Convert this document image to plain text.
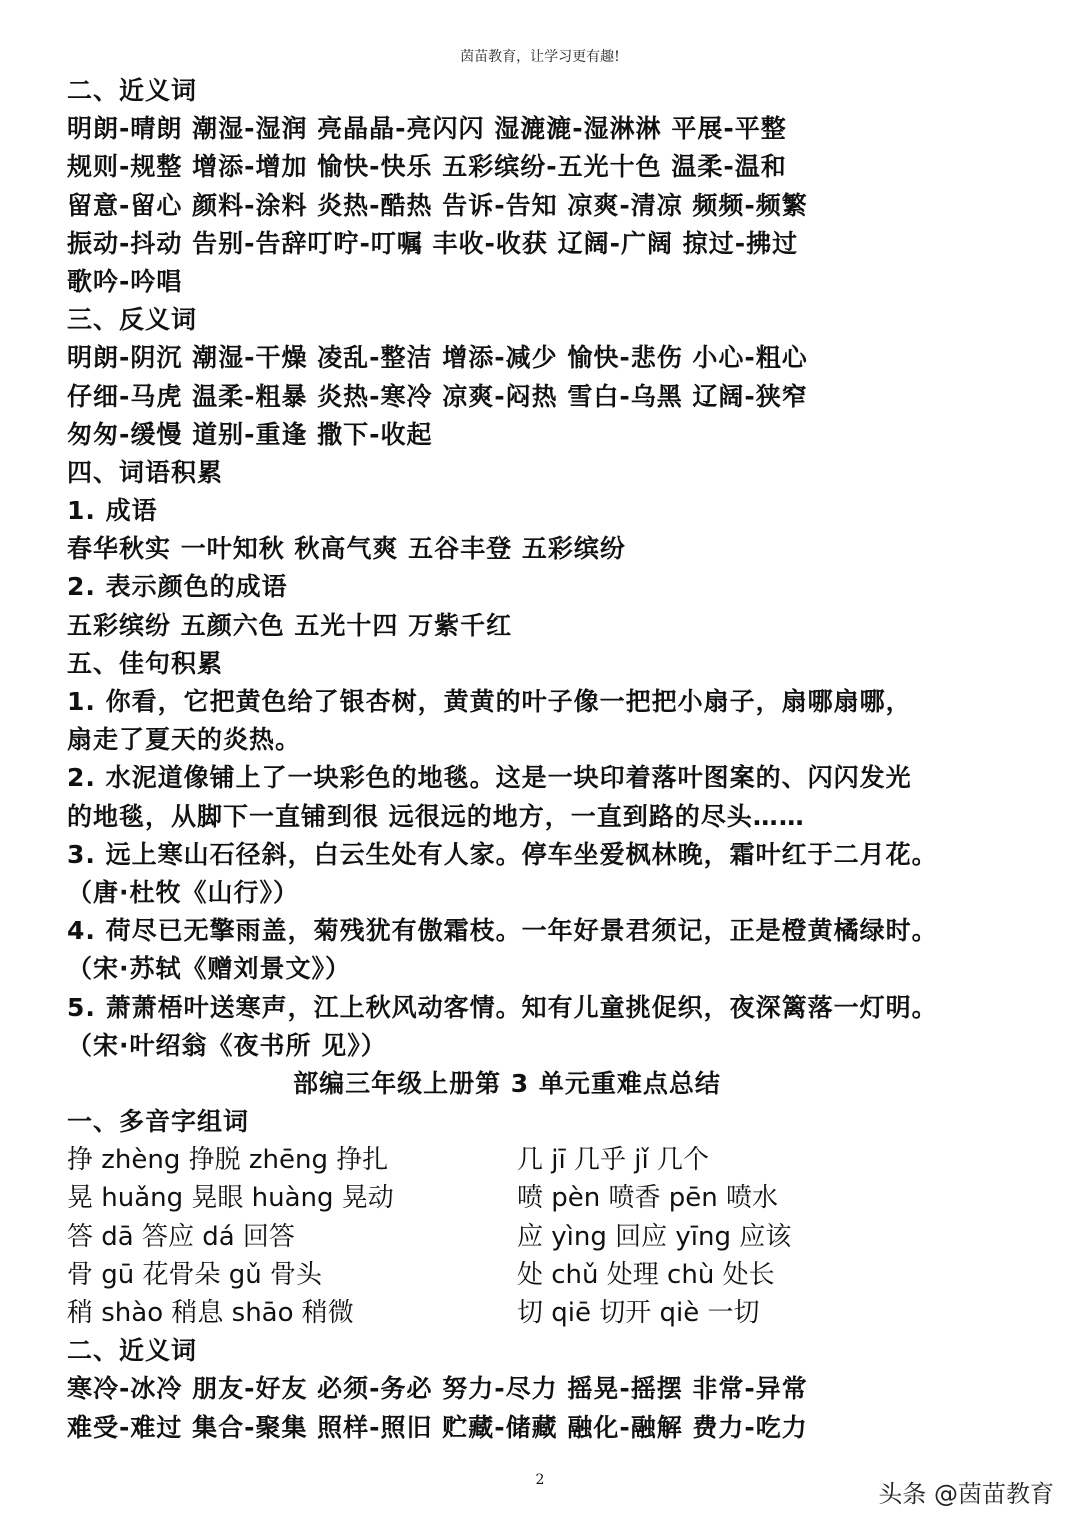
茵苗教育，让学习更有趣!
二、近义词
明朗-晴朗 潮湿-湿润 亮晶晶-亮闪闪 湿漉漉-湿淋淋 平展-平整
规则-规整 增添-增加 愉快-快乐 五彩缤纷-五光十色 温柔-温和
留意-留心 颜料-涂料 炎热-酷热 告诉-告知 凉爽-清凉 频频-频繁
振动-抖动 告别-告辞叮咛-叮嘱 丰收-收获 辽阔-广阔 掠过-拂过
歌吟-吟唱
三、反义词
明朗-阴沉 潮湿-干燥 凌乱-整洁 增添-减少 愉快-悲伤 小心-粗心
仔细-马虎 温柔-粗暴 炎热-寒冷 凉爽-闷热 雪白-乌黑 辽阔-狭窄
匆匆-缓慢 道别-重逢 撒下-收起
四、词语积累
1. 成语
春华秋实 一叶知秋 秋高气爽 五谷丰登 五彩缤纷
2. 表示颜色的成语
五彩缤纷 五颜六色 五光十四 万紫千红
五、佳句积累
1. 你看，它把黄色给了银杏树，黄黄的叶子像一把把小扇子，扇哪扇哪，
扇走了夏天的炎热。
2. 水泥道像铺上了一块彩色的地毯。这是一块印着落叶图案的、闪闪发光
的地毯，从脚下一直铺到很 远很远的地方，一直到路的尽头……
3. 远上寒山石径斜，白云生处有人家。停车坐爱枫林晚，霜叶红于二月花。
（唐·杜牧《山行》）
4. 荷尽已无擎雨盖，菊残犹有傲霜枝。一年好景君须记，正是橙黄橘绿时。
（宋·苏轼《赠刘景文》）
5. 萧萧梧叶送寒声，江上秋风动客情。知有儿童挑促织，夜深篱落一灯明。
（宋·叶绍翁《夜书所 见》）
部编三年级上册第 3 单元重难点总结
一、多音字组词
挣 zhèng 挣脱 zhēng 挣扎	几 jī 几乎 jǐ 几个
晃 huǎng 晃眼 huàng 晃动	喷 pèn 喷香 pēn 喷水
答 dā 答应 dá 回答	应 yìng 回应 yīng 应该
骨 gū 花骨朵 gǔ 骨头	处 chǔ 处理 chù 处长
稍 shào 稍息 shāo 稍微	切 qiē 切开 qiè 一切
二、近义词
寒冷-冰冷 朋友-好友 必须-务必 努力-尽力 摇晃-摇摆 非常-异常
难受-难过 集合-聚集 照样-照旧 贮藏-储藏 融化-融解 费力-吃力
2	头条 @茵苗教育
